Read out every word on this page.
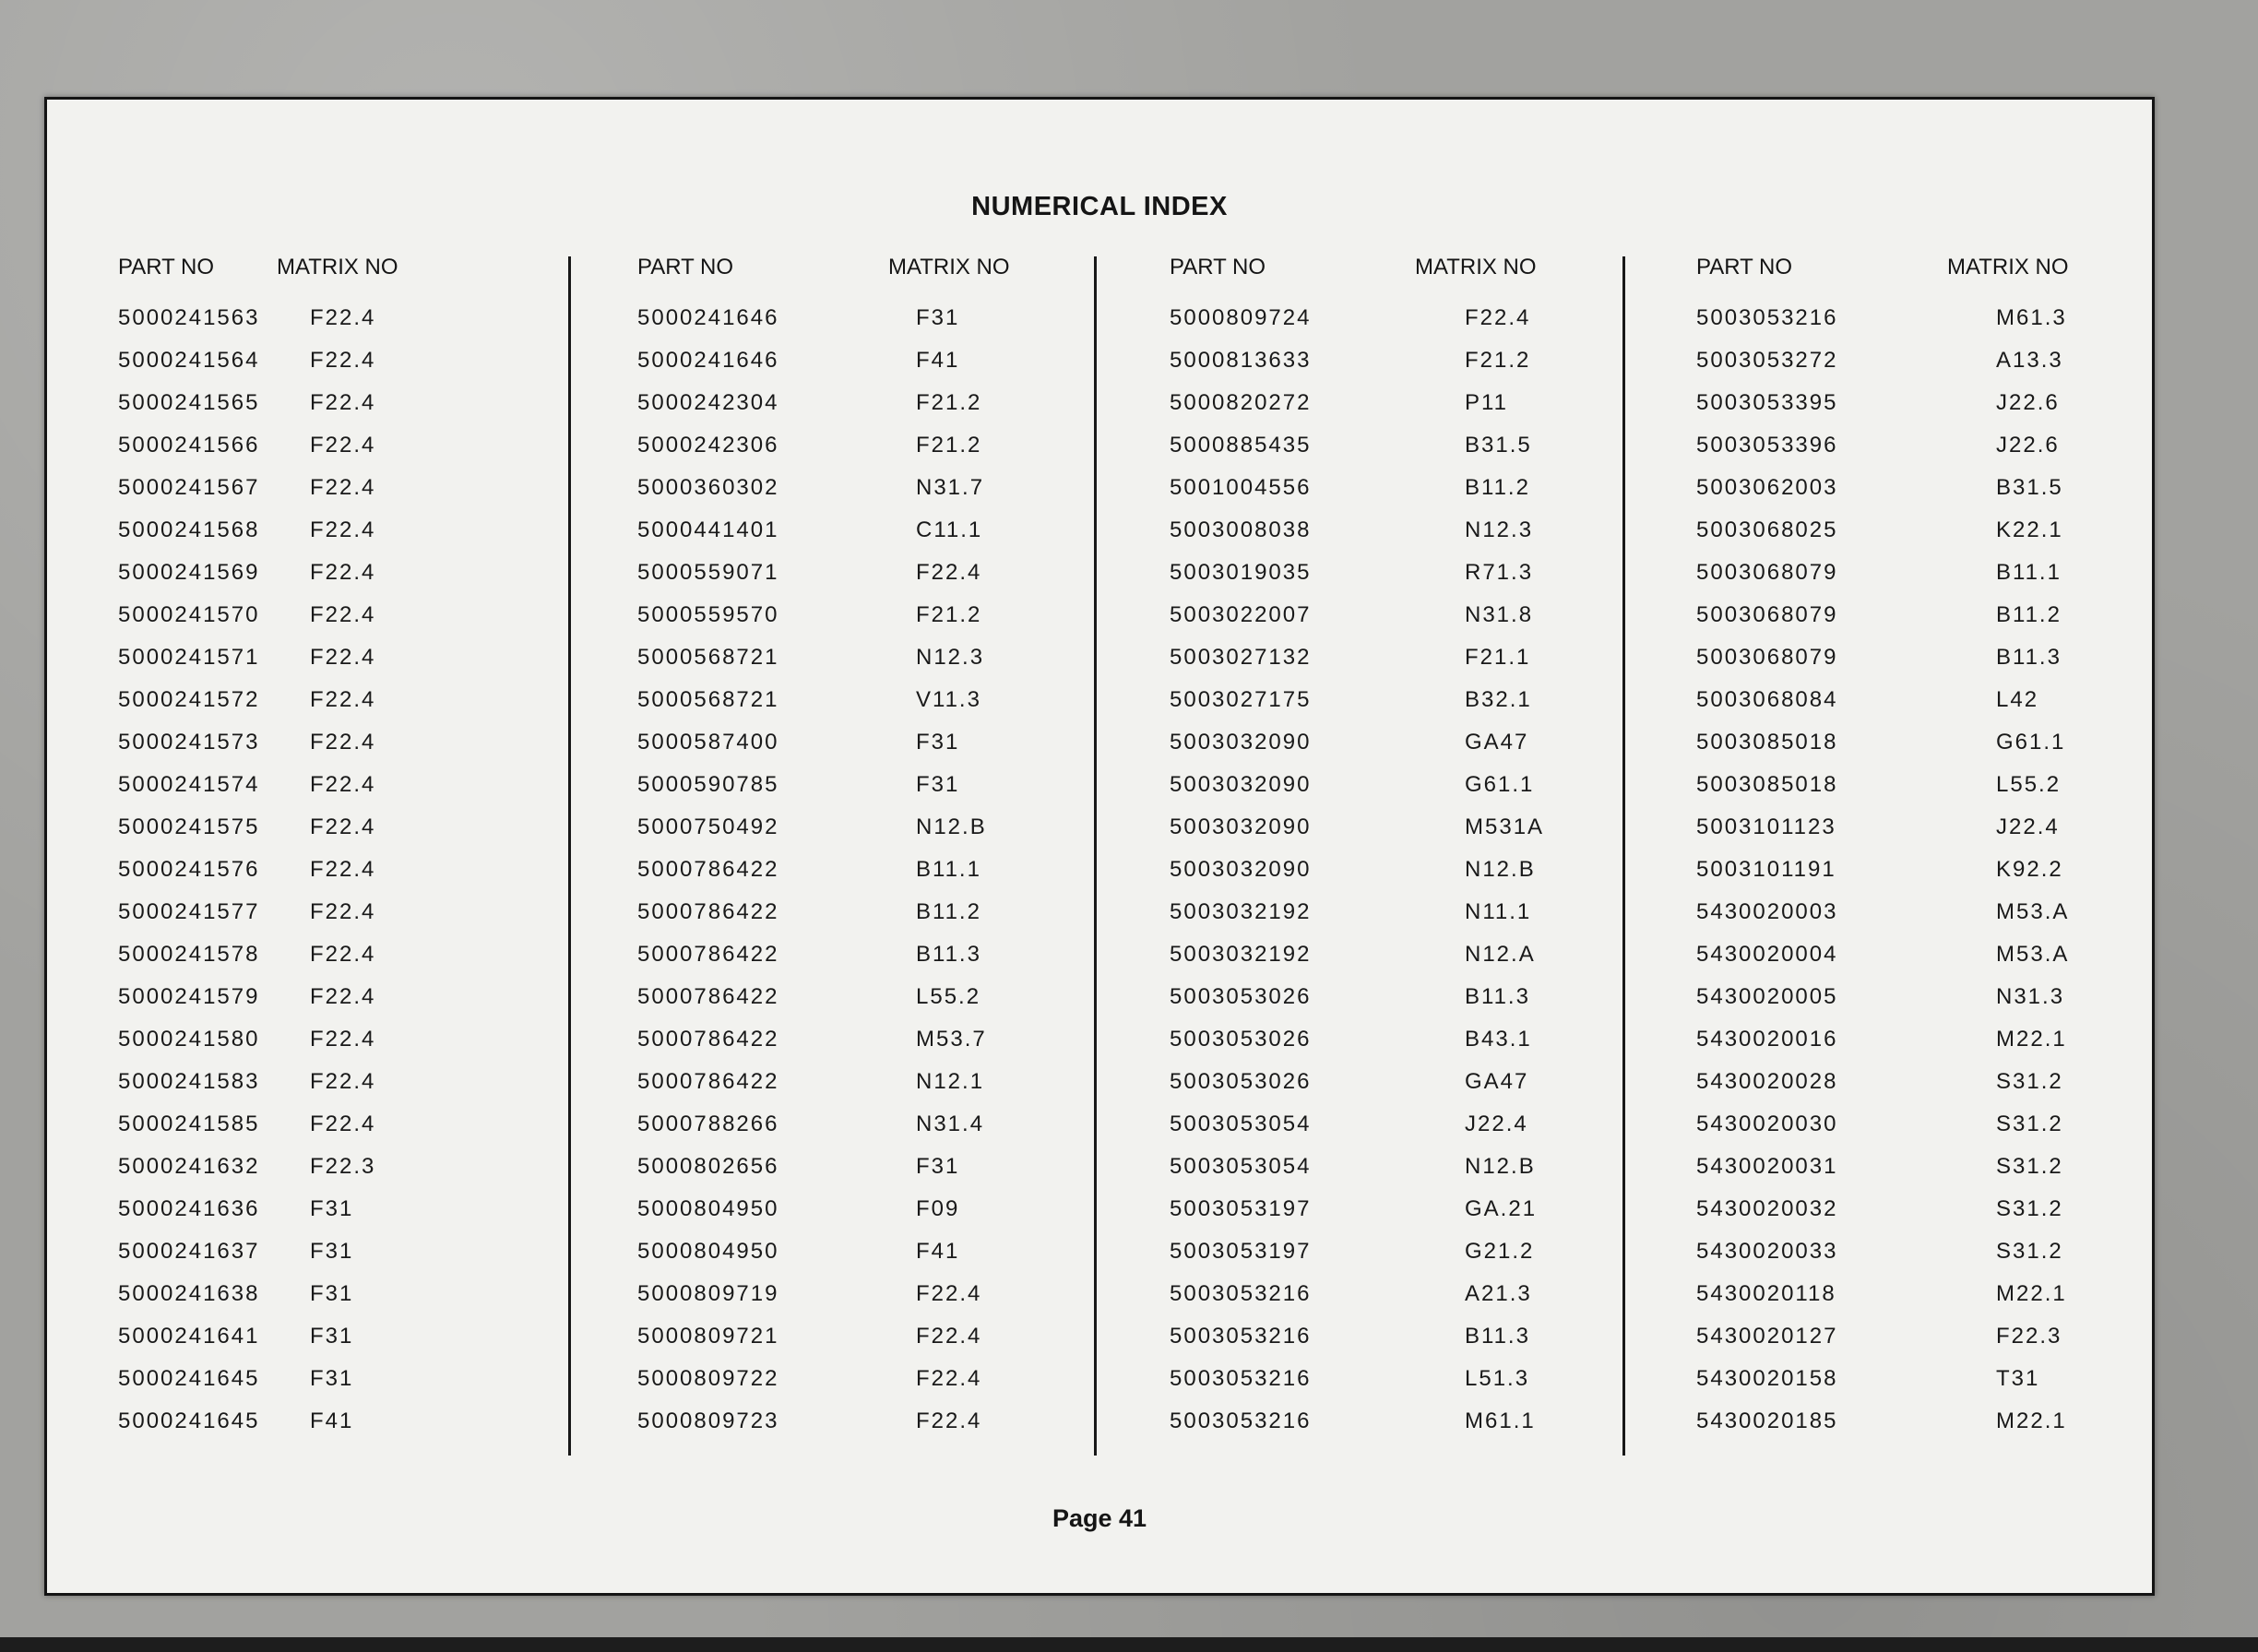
NUMERICAL INDEX
PART NO	MATRIX NO
5000241563 F22.4
5000241564 F22.4
5000241565 F22.4
5000241566 F22.4
5000241567 F22.4
5000241568 F22.4
5000241569 F22.4
5000241570 F22.4
5000241571 F22.4
5000241572 F22.4
5000241573 F22.4
5000241574 F22.4
5000241575 F22.4
5000241576 F22.4
5000241577 F22.4
5000241578 F22.4
5000241579 F22.4
5000241580 F22.4
5000241583 F22.4
5000241585 F22.4
5000241632 F22.3
5000241636 F31
5000241637 F31
5000241638 F31
5000241641 F31
5000241645 F31
5000241645 F41
PART NO	MATRIX NO
5000241646	F31
5000241646	F41
5000242304	F21.2
5000242306	F21.2
5000360302	N31.7
5000441401	C11.1
5000559071	F22.4
5000559570	F21.2
5000568721	N12.3
5000568721	V11.3
5000587400	F31
5000590785	F31
5000750492	N12.B
5000786422	B11.1
5000786422	B11.2
5000786422	B11.3
5000786422	L55.2
5000786422	M53.7
5000786422	N12.1
5000788266	N31.4
5000802656	F31
5000804950	F09
5000804950	F41
5000809719	F22.4
5000809721	F22.4
5000809722	F22.4
5000809723	F22.4
PART NO	MATRIX NO
5000809724	F22.4
5000813633	F21.2
5000820272	P11
5000885435	B31.5
5001004556	B11.2
5003008038	N12.3
5003019035	R71.3
5003022007	N31.8
5003027132	F21.1
5003027175	B32.1
5003032090	GA47
5003032090	G61.1
5003032090	M531A
5003032090	N12.B
5003032192	N11.1
5003032192	N12.A
5003053026	B11.3
5003053026	B43.1
5003053026	GA47
5003053054	J22.4
5003053054	N12.B
5003053197	GA.21
5003053197	G21.2
5003053216	A21.3
5003053216	B11.3
5003053216	L51.3
5003053216	M61.1
PART NO	MATRIX NO
5003053216	M61.3
5003053272	A13.3
5003053395	J22.6
5003053396	J22.6
5003062003	B31.5
5003068025	K22.1
5003068079	B11.1
5003068079	B11.2
5003068079	B11.3
5003068084	L42
5003085018	G61.1
5003085018	L55.2
5003101123	J22.4
5003101191	K92.2
5430020003	M53.A
5430020004	M53.A
5430020005	N31.3
5430020016	M22.1
5430020028	S31.2
5430020030	S31.2
5430020031	S31.2
5430020032	S31.2
5430020033	S31.2
5430020118	M22.1
5430020127	F22.3
5430020158	T31
5430020185	M22.1
Page 41
